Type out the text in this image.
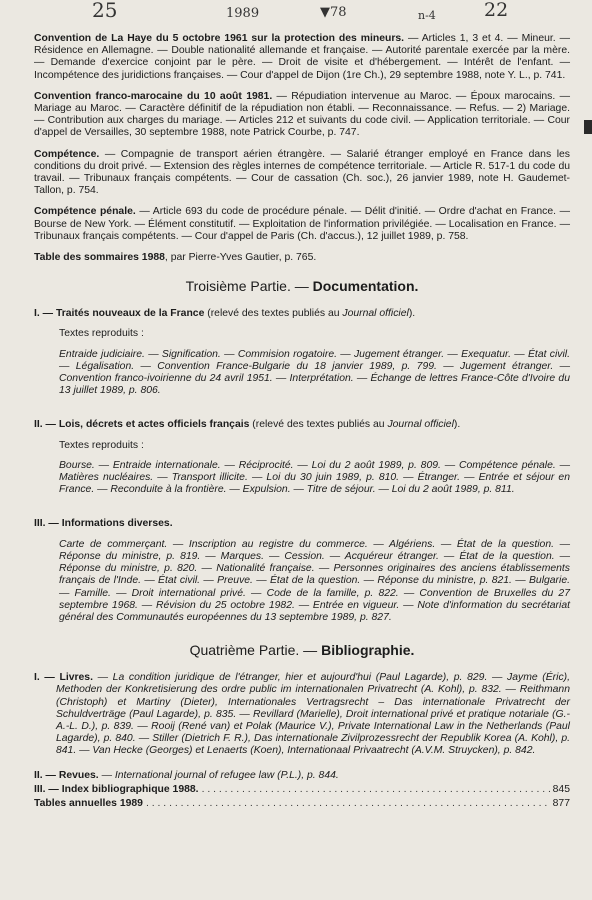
25	1989	▼78	n-4	22
Convention de La Haye du 5 octobre 1961 sur la protection des mineurs. — Articles 1, 3 et 4. — Mineur. — Résidence en Allemagne. — Double nationalité allemande et française. — Autorité parentale exercée par la mère. — Demande d'exercice conjoint par le père. — Droit de visite et d'hébergement. — Intérêt de l'enfant. — Incompétence des juridictions françaises. — Cour d'appel de Dijon (1re Ch.), 29 septembre 1988, note Y. L., p. 741.
Convention franco-marocaine du 10 août 1981. — Répudiation intervenue au Maroc. — Époux marocains. — Mariage au Maroc. — Caractère définitif de la répudiation non établi. — Reconnaissance. — Refus. — 2) Mariage. — Contribution aux charges du mariage. — Articles 212 et suivants du code civil. — Application territoriale. — Cour d'appel de Versailles, 30 septembre 1988, note Patrick Courbe, p. 747.
Compétence. — Compagnie de transport aérien étrangère. — Salarié étranger employé en France dans les conditions du droit privé. — Extension des règles internes de compétence territoriale. — Article R. 517-1 du code du travail. — Tribunaux français compétents. — Cour de cassation (Ch. soc.), 26 janvier 1989, note H. Gaudemet-Tallon, p. 754.
Compétence pénale. — Article 693 du code de procédure pénale. — Délit d'initié. — Ordre d'achat en France. — Bourse de New York. — Élément constitutif. — Exploitation de l'information privilégiée. — Localisation en France. — Tribunaux français compétents. — Cour d'appel de Paris (Ch. d'accus.), 12 juillet 1989, p. 758.
Table des sommaires 1988, par Pierre-Yves Gautier, p. 765.
Troisième Partie. — Documentation.
I. — Traités nouveaux de la France (relevé des textes publiés au Journal officiel).
Textes reproduits :
Entraide judiciaire. — Signification. — Commision rogatoire. — Jugement étranger. — Exequatur. — État civil. — Légalisation. — Convention France-Bulgarie du 18 janvier 1989, p. 799. — Jugement étranger. — Convention franco-ivoirienne du 24 avril 1951. — Interprétation. — Échange de lettres France-Côte d'Ivoire du 13 juillet 1989, p. 806.
II. — Lois, décrets et actes officiels français (relevé des textes publiés au Journal officiel).
Textes reproduits :
Bourse. — Entraide internationale. — Réciprocité. — Loi du 2 août 1989, p. 809. — Compétence pénale. — Matières nucléaires. — Transport illicite. — Loi du 30 juin 1989, p. 810. — Étranger. — Entrée et séjour en France. — Reconduite à la frontière. — Expulsion. — Titre de séjour. — Loi du 2 août 1989, p. 811.
III. — Informations diverses.
Carte de commerçant. — Inscription au registre du commerce. — Algériens. — État de la question. — Réponse du ministre, p. 819. — Marques. — Cession. — Acquéreur étranger. — État de la question. — Réponse du ministre, p. 820. — Nationalité française. — Personnes originaires des anciens établissements français de l'Inde. — État civil. — Preuve. — État de la question. — Réponse du ministre, p. 821. — Bulgarie. — Famille. — Droit international privé. — Code de la famille, p. 822. — Convention de Bruxelles du 27 septembre 1968. — Révision du 25 octobre 1982. — Entrée en vigueur. — Note d'information du secrétariat général des Communautés européennes du 13 septembre 1989, p. 827.
Quatrième Partie. — Bibliographie.
I. — Livres. — La condition juridique de l'étranger, hier et aujourd'hui (Paul Lagarde), p. 829. — Jayme (Éric), Methoden der Konkretisierung des ordre public im internationalen Privatrecht (A. Kohl), p. 832. — Reithmann (Christoph) et Martiny (Dieter), Internationales Vertragsrecht – Das internationale Privatrecht der Schuldverträge (Paul Lagarde), p. 835. — Revillard (Marielle), Droit international privé et pratique notariale (G.-A.-L. D.), p. 839. — Rooij (René van) et Polak (Maurice V.), Private International Law in the Netherlands (Paul Lagarde), p. 840. — Stiller (Dietrich F. R.), Das internationale Zivilprozessrecht der Republik Korea (A. Kohl), p. 841. — Van Hecke (Georges) et Lenaerts (Koen), Internationaal Privaatrecht (A.V.M. Struycken), p. 842.
II. — Revues. — International journal of refugee law (P.L.), p. 844.
III. — Index bibliographique 1988. . . .	845
Tables annuelles 1989 . . .	877
